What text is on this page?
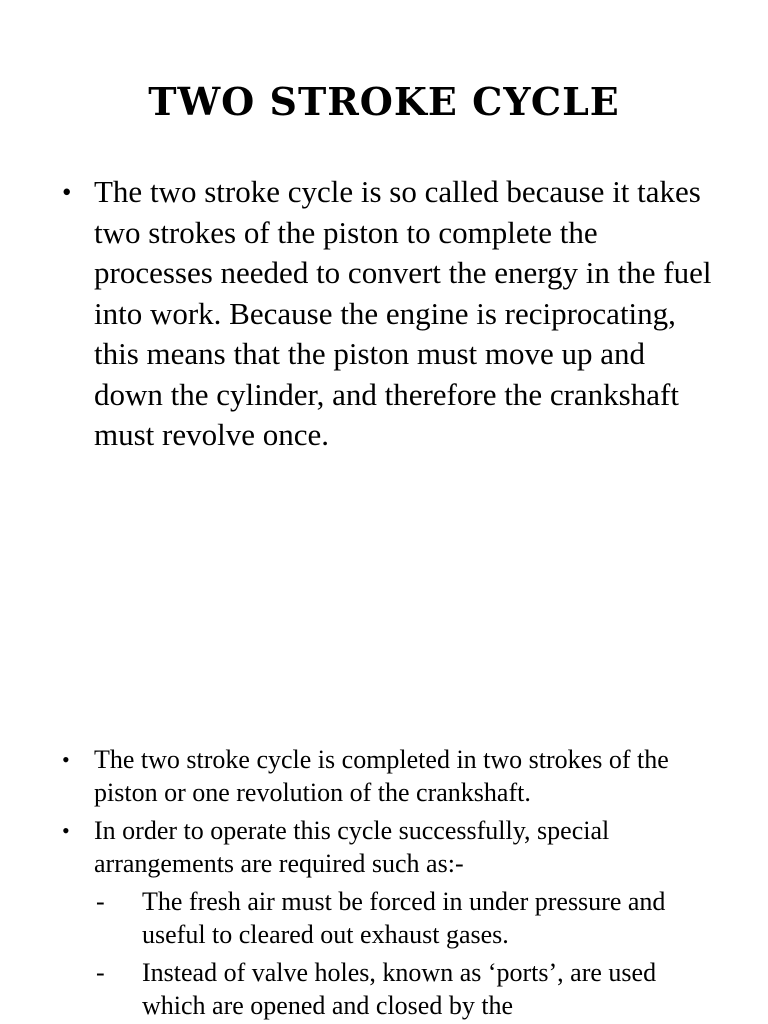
TWO STROKE CYCLE
• The two stroke cycle is so called because it takes two strokes of the piston to complete the processes needed to convert the energy in the fuel into work. Because the engine is reciprocating, this means that the piston must move up and down the cylinder, and therefore the crankshaft must revolve once.
• The two stroke cycle is completed in two strokes of the piston or one revolution of the crankshaft.
• In order to operate this cycle successfully, special arrangements are required such as:-
- The fresh air must be forced in under pressure and useful to cleared out exhaust gases.
- Instead of valve holes, known as ‘ports’, are used which are opened and closed by the
